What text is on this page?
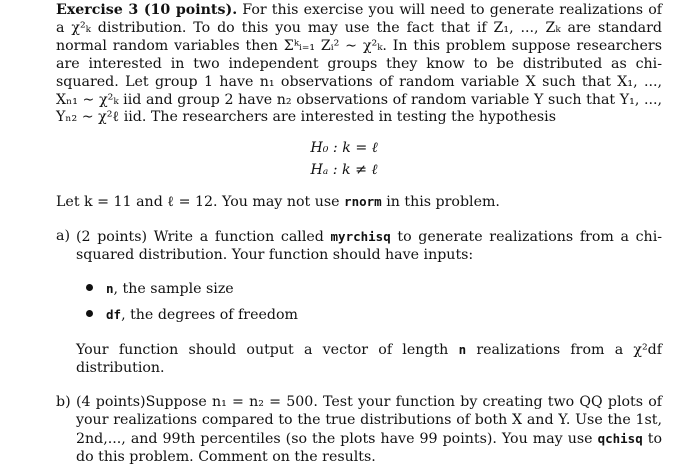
Exercise 3 (10 points). For this exercise you will need to generate realizations of a χ²ₖ distribution. To do this you may use the fact that if Z₁, ..., Zₖ are standard normal random variables then Σᵏᵢ₌₁ Zᵢ² ∼ χ²ₖ. In this problem suppose researchers are interested in two independent groups they know to be distributed as chi-squared. Let group 1 have n₁ observations of random variable X such that X₁, ..., Xₙ₁ ∼ χ²ₖ iid and group 2 have n₂ observations of random variable Y such that Y₁, ..., Yₙ₂ ∼ χ²ℓ iid. The researchers are interested in testing the hypothesis

H₀ : k = ℓ
Hₐ : k ≠ ℓ

Let k = 11 and ℓ = 12. You may not use rnorm in this problem.

a) (2 points) Write a function called myrchisq to generate realizations from a chi-squared distribution. Your function should have inputs:

n , the sample size
df , the degrees of freedom

Your function should output a vector of length n realizations from a χ²df distribution.

b) (4 points)Suppose n₁ = n₂ = 500. Test your function by creating two QQ plots of your realizations compared to the true distributions of both X and Y. Use the 1st, 2nd,..., and 99th percentiles (so the plots have 99 points). You may use qchisq to do this problem. Comment on the results.
